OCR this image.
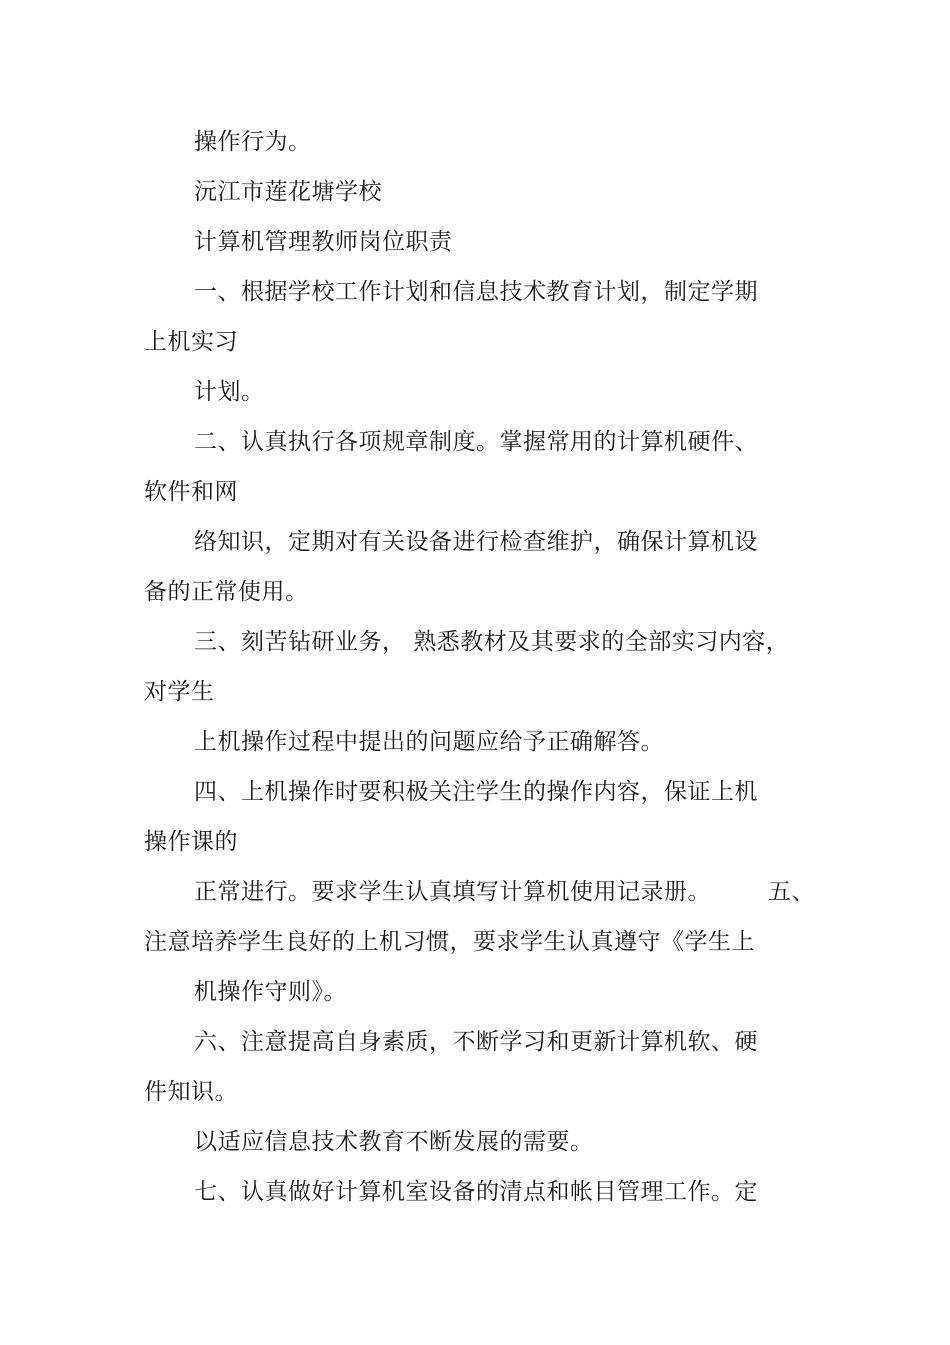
操作行为。
沅江市莲花塘学校
计算机管理教师岗位职责
一、根据学校工作计划和信息技术教育计划，制定学期
上机实习
计划。
二、认真执行各项规章制度。掌握常用的计算机硬件、
软件和网
络知识，定期对有关设备进行检查维护，确保计算机设
备的正常使用。
三、刻苦钻研业务， 熟悉教材及其要求的全部实习内容，
对学生
上机操作过程中提出的问题应给予正确解答。
四、上机操作时要积极关注学生的操作内容，保证上机
操作课的
正常进行。要求学生认真填写计算机使用记录册。 五、
注意培养学生良好的上机习惯，要求学生认真遵守《学生上
机操作守则》。
六、注意提高自身素质，不断学习和更新计算机软、硬
件知识。
以适应信息技术教育不断发展的需要。
七、认真做好计算机室设备的清点和帐目管理工作。定
